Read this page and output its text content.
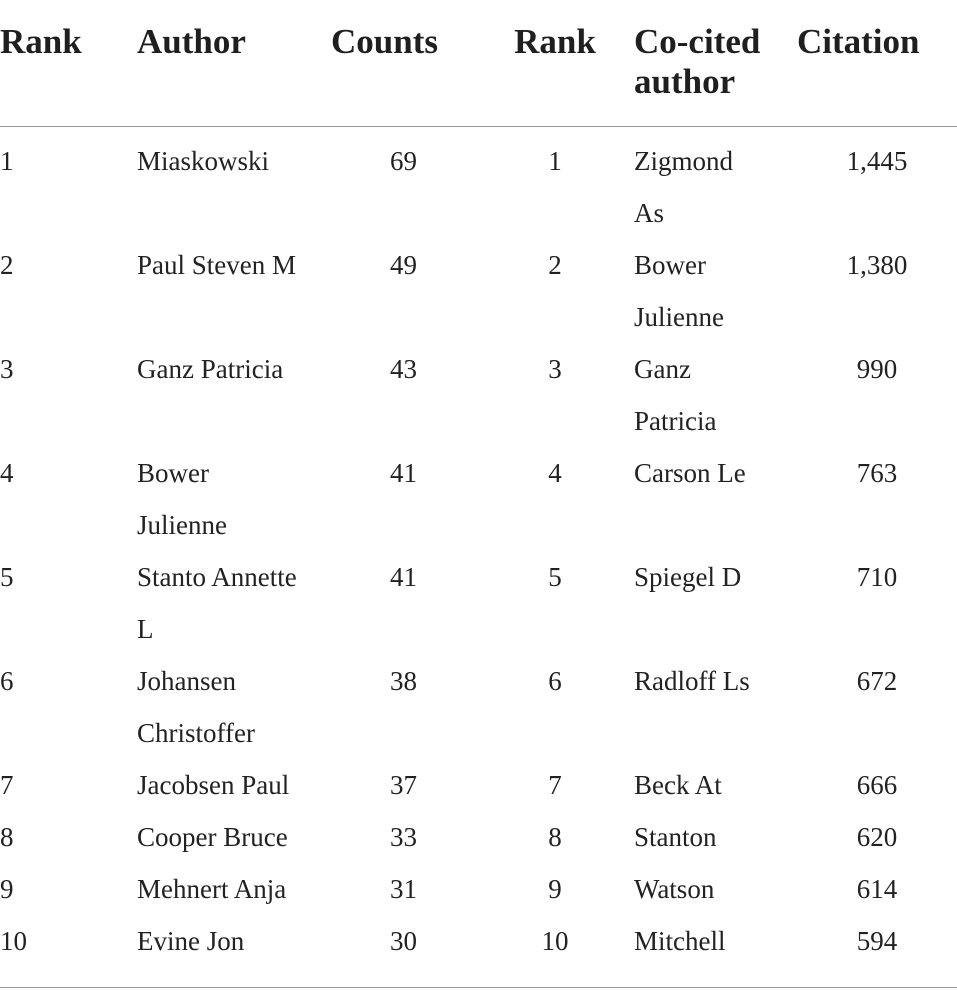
Rank	Author	Counts	Rank	Co-cited author	Citation
1	Miaskowski	69	1	Zigmond As	1,445
2	Paul Steven M	49	2	Bower Julienne	1,380
3	Ganz Patricia	43	3	Ganz Patricia	990
4	Bower Julienne	41	4	Carson Le	763
5	Stanto Annette L	41	5	Spiegel D	710
6	Johansen Christoffer	38	6	Radloff Ls	672
7	Jacobsen Paul	37	7	Beck At	666
8	Cooper Bruce	33	8	Stanton	620
9	Mehnert Anja	31	9	Watson	614
10	Evine Jon	30	10	Mitchell	594
